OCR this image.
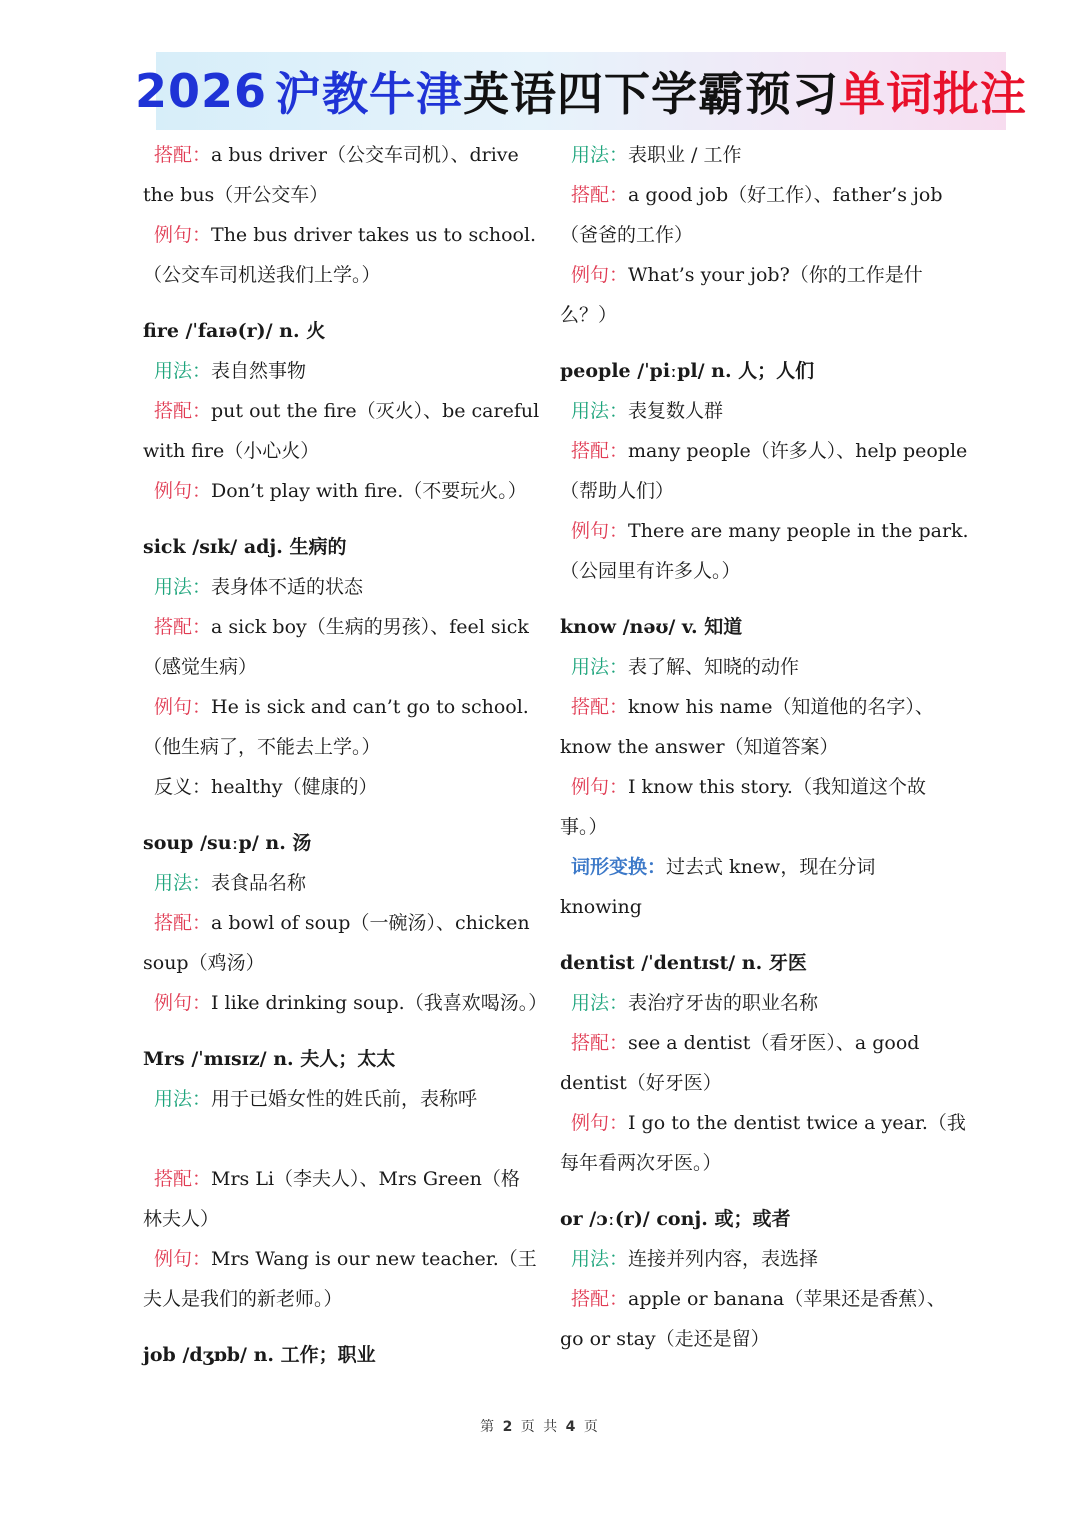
2026 沪教牛津 英语四下学霸预习 单词批注
搭配：a bus driver（公交车司机）、drive
the bus（开公交车）
例句：The bus driver takes us to school.
（公交车司机送我们上学。）
fire /ˈfaɪə(r)/ n. 火
用法：表自然事物
搭配：put out the fire（灭火）、be careful
with fire（小心火）
例句：Don’t play with fire.（不要玩火。）
sick /sɪk/ adj. 生病的
用法：表身体不适的状态
搭配：a sick boy（生病的男孩）、feel sick
（感觉生病）
例句：He is sick and can’t go to school.
（他生病了，不能去上学。）
反义：healthy（健康的）
soup /suːp/ n. 汤
用法：表食品名称
搭配：a bowl of soup（一碗汤）、chicken
soup（鸡汤）
例句：I like drinking soup.（我喜欢喝汤。）
Mrs /ˈmɪsɪz/ n. 夫人；太太
用法：用于已婚女性的姓氏前，表称呼
搭配：Mrs Li（李夫人）、Mrs Green（格
林夫人）
例句：Mrs Wang is our new teacher.（王
夫人是我们的新老师。）
job /dʒɒb/ n. 工作；职业
用法：表职业 / 工作
搭配：a good job（好工作）、father’s job
（爸爸的工作）
例句：What’s your job?（你的工作是什
么？）
people /ˈpiːpl/ n. 人；人们
用法：表复数人群
搭配：many people（许多人）、help people
（帮助人们）
例句：There are many people in the park.
（公园里有许多人。）
know /nəʊ/ v. 知道
用法：表了解、知晓的动作
搭配：know his name（知道他的名字）、
know the answer（知道答案）
例句：I know this story.（我知道这个故
事。）
词形变换：过去式 knew，现在分词
knowing
dentist /ˈdentɪst/ n. 牙医
用法：表治疗牙齿的职业名称
搭配：see a dentist（看牙医）、a good
dentist（好牙医）
例句：I go to the dentist twice a year.（我
每年看两次牙医。）
or /ɔː(r)/ conj. 或；或者
用法：连接并列内容，表选择
搭配：apple or banana（苹果还是香蕉）、
go or stay（走还是留）
第 2 页 共 4 页
